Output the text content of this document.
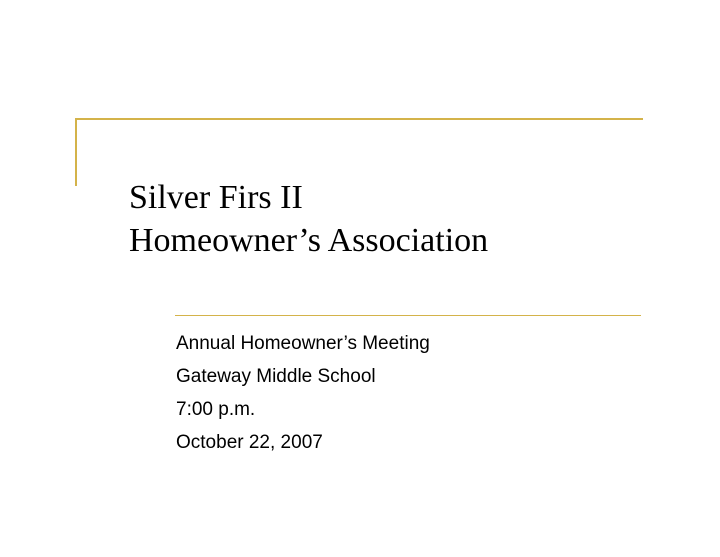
Silver Firs II
Homeowner’s Association
Annual Homeowner’s Meeting
Gateway Middle School
7:00 p.m.
October 22, 2007
